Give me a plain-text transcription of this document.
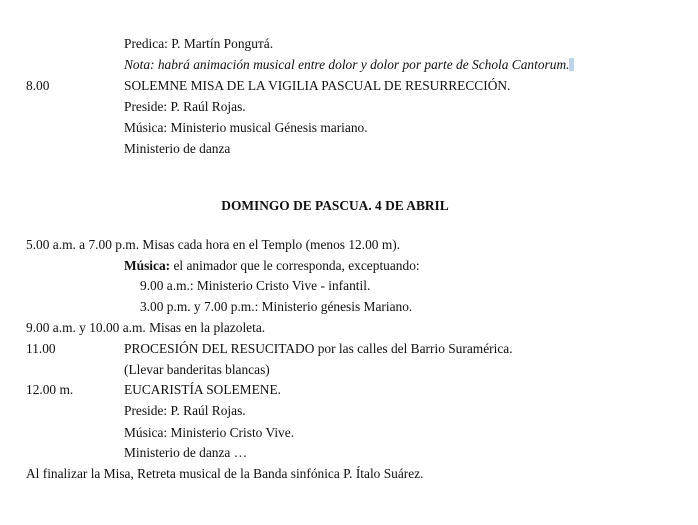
Predica: P. Martín Ponguтá.
Nota: habrá animación musical entre dolor y dolor por parte de Schola Cantorum.
8.00	SOLEMNE MISA DE LA VIGILIA PASCUAL DE RESURRECCIÓN.
Preside: P. Raúl Rojas.
Música: Ministerio musical Génesis mariano.
Ministerio de danza
DOMINGO DE PASCUA. 4 DE ABRIL
5.00 a.m. a 7.00 p.m. Misas cada hora en el Templo (menos 12.00 m).
Música: el animador que le corresponda, exceptuando:
9.00 a.m.: Ministerio Cristo Vive - infantil.
3.00 p.m. y 7.00 p.m.: Ministerio génesis Mariano.
9.00 a.m. y 10.00 a.m. Misas en la plazoleta.
11.00	PROCESIÓN DEL RESUCITADO por las calles del Barrio Suramérica.
(Llevar banderitas blancas)
12.00 m.	EUCARISTÍA SOLEMENE.
Preside: P. Raúl Rojas.
Música: Ministerio Cristo Vive.
Ministerio de danza …
Al finalizar la Misa, Retreta musical de la Banda sinfónica P. Ítalo Suárez.
